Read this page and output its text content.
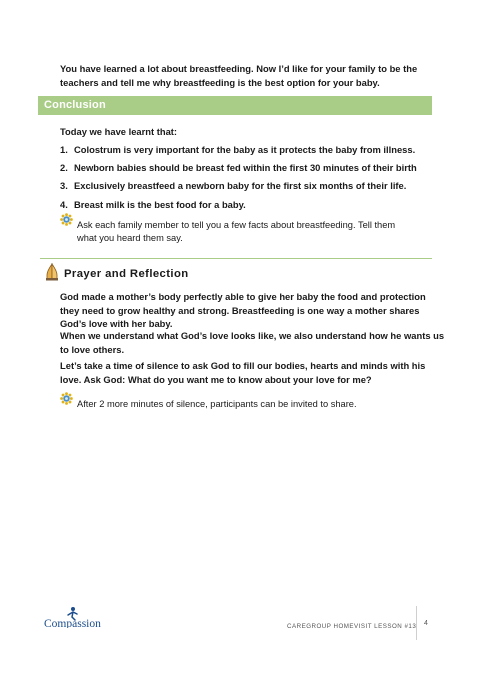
You have learned a lot about breastfeeding. Now I’d like for your family to be the teachers and tell me why breastfeeding is the best option for your baby.
Conclusion
Today we have learnt that:
1. Colostrum is very important for the baby as it protects the baby from illness.
2. Newborn babies should be breast fed within the first 30 minutes of their birth
3. Exclusively breastfeed a newborn baby for the first six months of their life.
4. Breast milk is the best food for a baby.
Ask each family member to tell you a few facts about breastfeeding. Tell them what you heard them say.
Prayer and Reflection
God made a mother’s body perfectly able to give her baby the food and protection they need to grow healthy and strong. Breastfeeding is one way a mother shares God’s love with her baby.
When we understand what God’s love looks like, we also understand how he wants us to love others.
Let’s take a time of silence to ask God to fill our bodies, hearts and minds with his love. Ask God: What do you want me to know about your love for me?
After 2 more minutes of silence, participants can be invited to share.
Compassion	CAREGROUP HOMEVISIT LESSON #13 4
